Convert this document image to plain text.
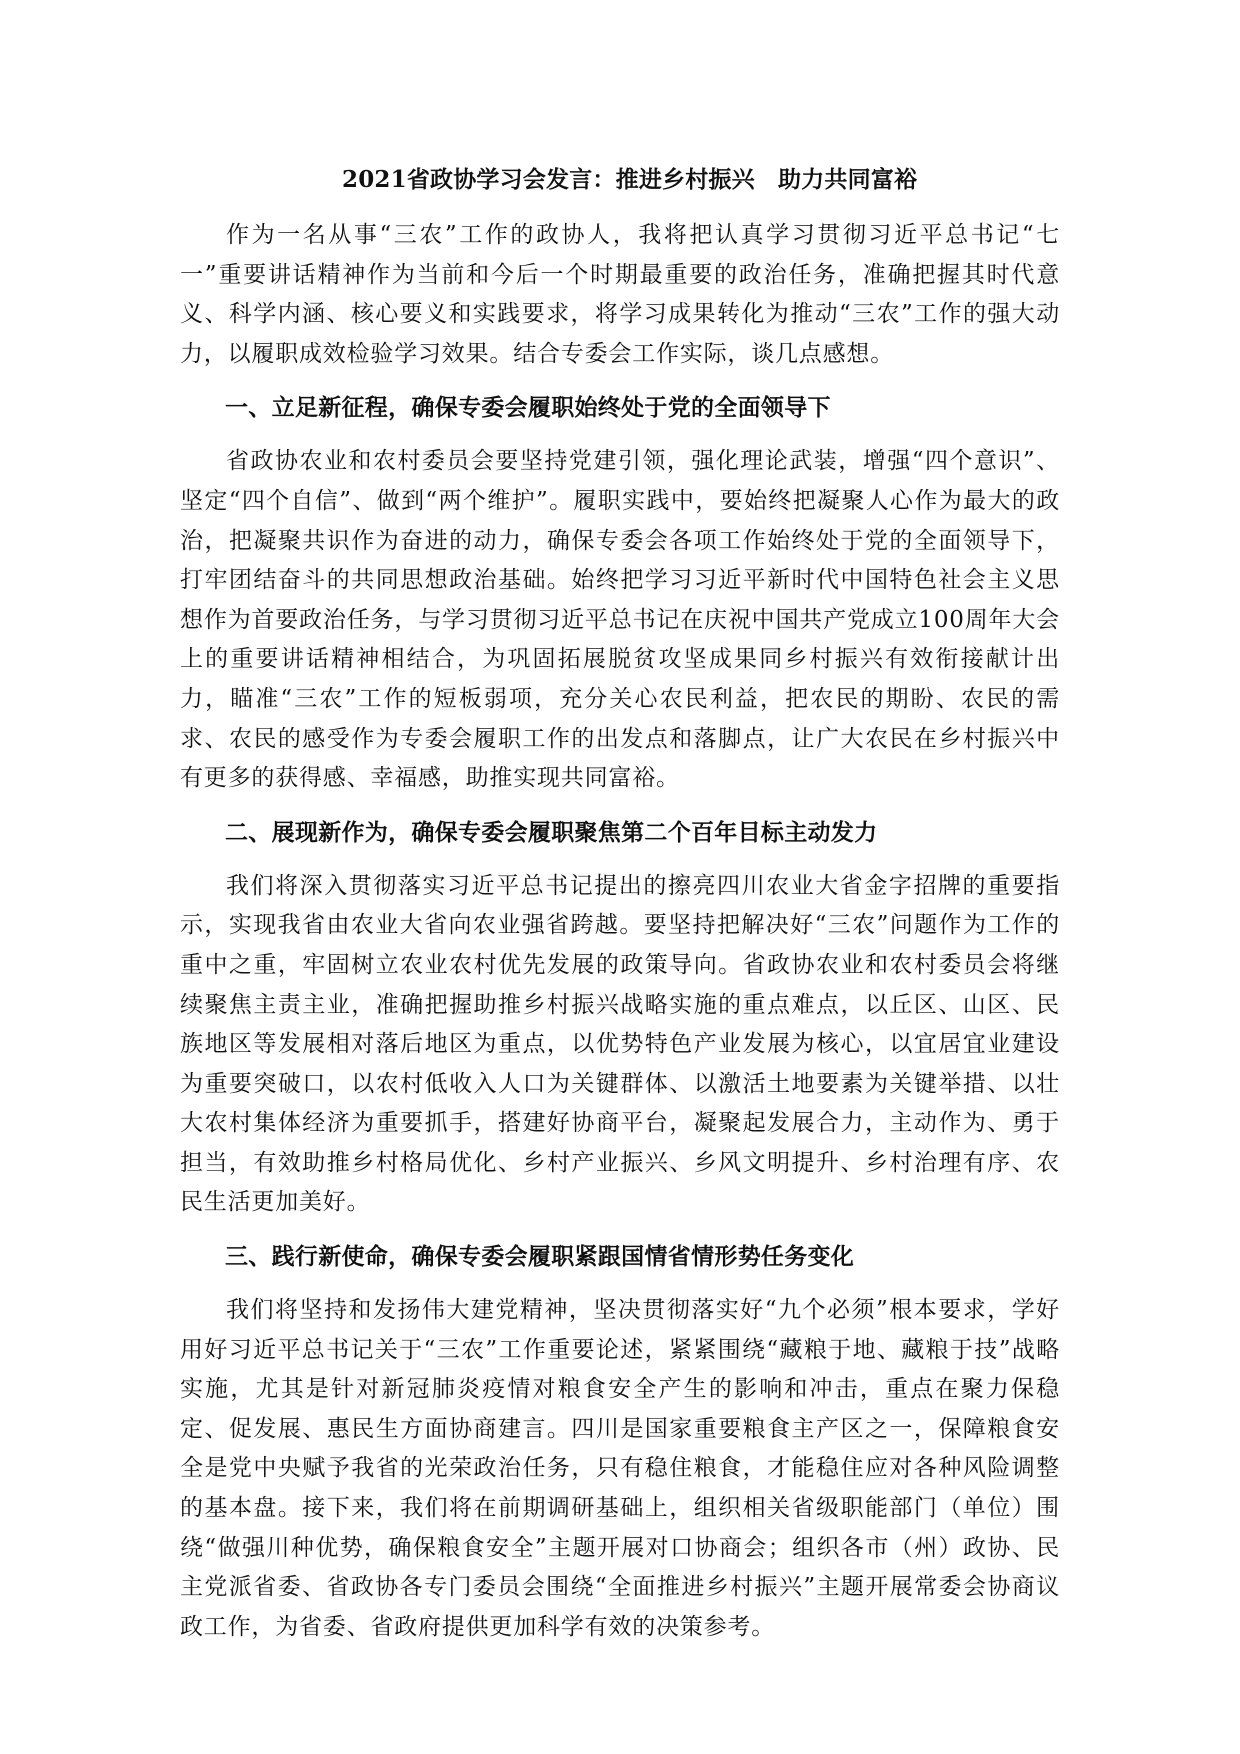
2021省政协学习会发言：推进乡村振兴　助力共同富裕

作为一名从事“三农”工作的政协人，我将把认真学习贯彻习近平总书记“七一”重要讲话精神作为当前和今后一个时期最重要的政治任务，准确把握其时代意义、科学内涵、核心要义和实践要求，将学习成果转化为推动“三农”工作的强大动力，以履职成效检验学习效果。结合专委会工作实际，谈几点感想。

一、立足新征程，确保专委会履职始终处于党的全面领导下

省政协农业和农村委员会要坚持党建引领，强化理论武装，增强“四个意识”、坚定“四个自信”、做到“两个维护”。履职实践中，要始终把凝聚人心作为最大的政治，把凝聚共识作为奋进的动力，确保专委会各项工作始终处于党的全面领导下，打牢团结奋斗的共同思想政治基础。始终把学习习近平新时代中国特色社会主义思想作为首要政治任务，与学习贯彻习近平总书记在庆祝中国共产党成立100周年大会上的重要讲话精神相结合，为巩固拓展脱贫攻坚成果同乡村振兴有效衔接献计出力，瞄准“三农”工作的短板弱项，充分关心农民利益，把农民的期盼、农民的需求、农民的感受作为专委会履职工作的出发点和落脚点，让广大农民在乡村振兴中有更多的获得感、幸福感，助推实现共同富裕。

二、展现新作为，确保专委会履职聚焦第二个百年目标主动发力

我们将深入贯彻落实习近平总书记提出的擦亮四川农业大省金字招牌的重要指示，实现我省由农业大省向农业强省跨越。要坚持把解决好“三农”问题作为工作的重中之重，牢固树立农业农村优先发展的政策导向。省政协农业和农村委员会将继续聚焦主责主业，准确把握助推乡村振兴战略实施的重点难点，以丘区、山区、民族地区等发展相对落后地区为重点，以优势特色产业发展为核心，以宜居宜业建设为重要突破口，以农村低收入人口为关键群体、以激活土地要素为关键举措、以壮大农村集体经济为重要抓手，搭建好协商平台，凝聚起发展合力，主动作为、勇于担当，有效助推乡村格局优化、乡村产业振兴、乡风文明提升、乡村治理有序、农民生活更加美好。

三、践行新使命，确保专委会履职紧跟国情省情形势任务变化

我们将坚持和发扬伟大建党精神，坚决贯彻落实好“九个必须”根本要求，学好用好习近平总书记关于“三农”工作重要论述，紧紧围绕“藏粮于地、藏粮于技”战略实施，尤其是针对新冠肺炎疫情对粮食安全产生的影响和冲击，重点在聚力保稳定、促发展、惠民生方面协商建言。四川是国家重要粮食主产区之一，保障粮食安全是党中央赋予我省的光荣政治任务，只有稳住粮食，才能稳住应对各种风险调整的基本盘。接下来，我们将在前期调研基础上，组织相关省级职能部门（单位）围绕“做强川种优势，确保粮食安全”主题开展对口协商会；组织各市（州）政协、民主党派省委、省政协各专门委员会围绕“全面推进乡村振兴”主题开展常委会协商议政工作，为省委、省政府提供更加科学有效的决策参考。
